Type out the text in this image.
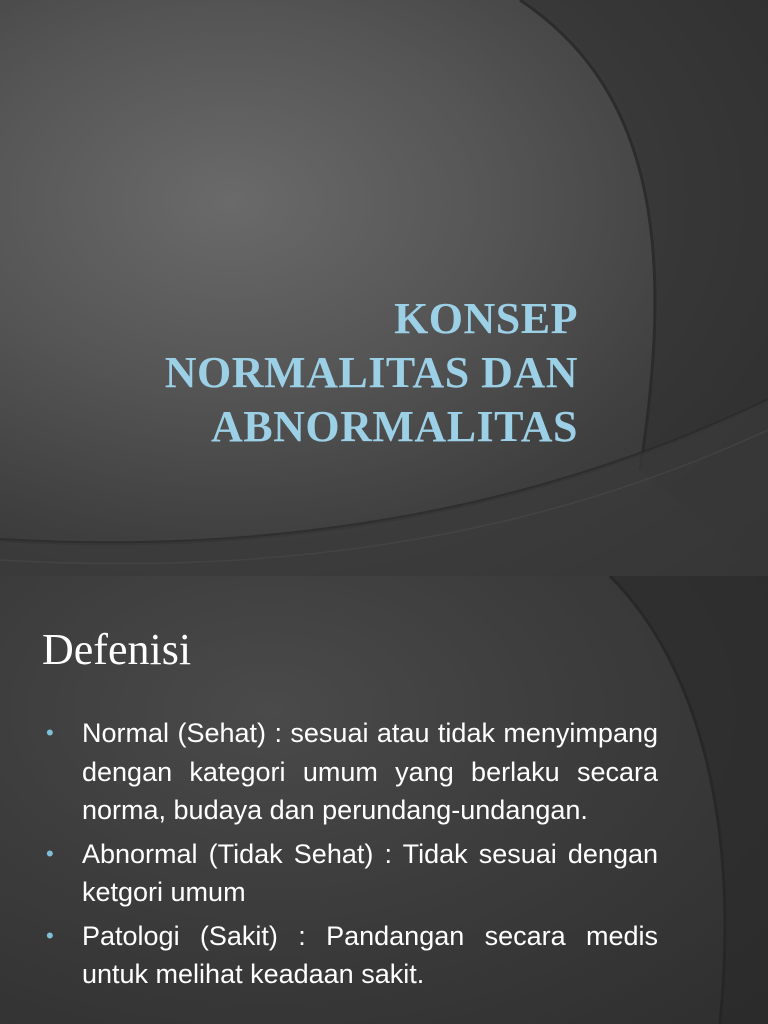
KONSEP
NORMALITAS DAN
ABNORMALITAS
Defenisi
• Normal (Sehat) : sesuai atau tidak menyimpang dengan kategori umum yang berlaku secara norma, budaya dan perundang-undangan.
• Abnormal (Tidak Sehat) : Tidak sesuai dengan ketgori umum
• Patologi (Sakit) : Pandangan secara medis untuk melihat keadaan sakit.
